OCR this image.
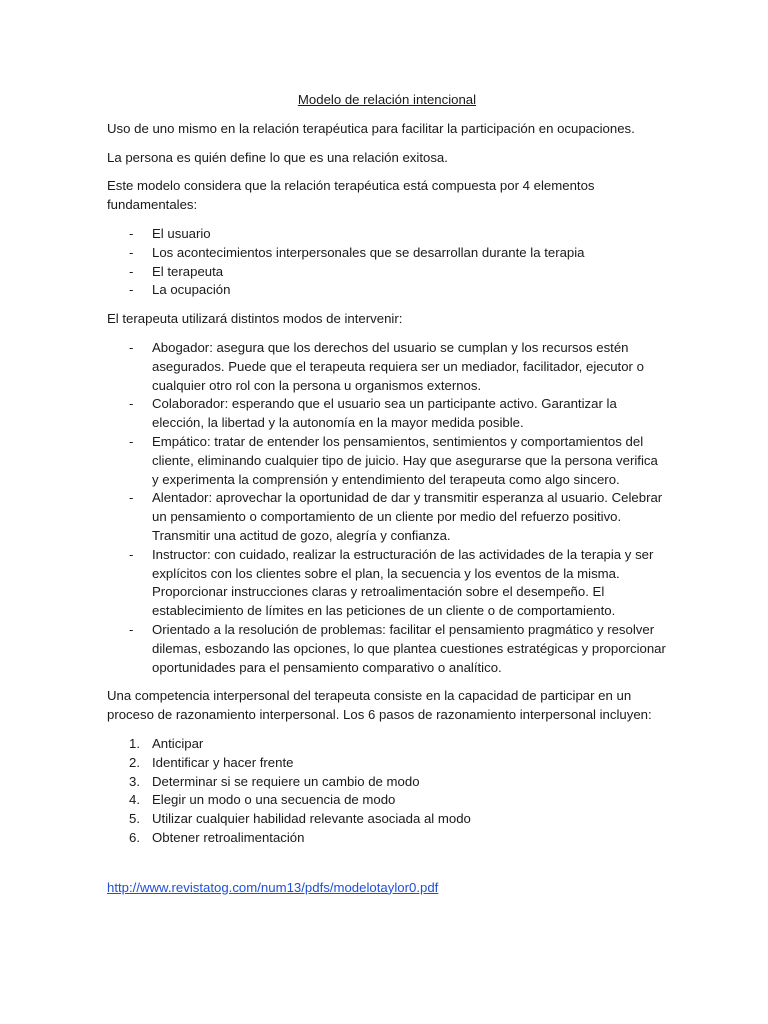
Modelo de relación intencional

Uso de uno mismo en la relación terapéutica para facilitar la participación en ocupaciones.

La persona es quién define lo que es una relación exitosa.

Este modelo considera que la relación terapéutica está compuesta por 4 elementos fundamentales:

- El usuario
- Los acontecimientos interpersonales que se desarrollan durante la terapia
- El terapeuta
- La ocupación

El terapeuta utilizará distintos modos de intervenir:

- Abogador: asegura que los derechos del usuario se cumplan y los recursos estén asegurados. Puede que el terapeuta requiera ser un mediador, facilitador, ejecutor o cualquier otro rol con la persona u organismos externos.
- Colaborador: esperando que el usuario sea un participante activo. Garantizar la elección, la libertad y la autonomía en la mayor medida posible.
- Empático: tratar de entender los pensamientos, sentimientos y comportamientos del cliente, eliminando cualquier tipo de juicio. Hay que asegurarse que la persona verifica y experimenta la comprensión y entendimiento del terapeuta como algo sincero.
- Alentador: aprovechar la oportunidad de dar y transmitir esperanza al usuario. Celebrar un pensamiento o comportamiento de un cliente por medio del refuerzo positivo. Transmitir una actitud de gozo, alegría y confianza.
- Instructor: con cuidado, realizar la estructuración de las actividades de la terapia y ser explícitos con los clientes sobre el plan, la secuencia y los eventos de la misma. Proporcionar instrucciones claras y retroalimentación sobre el desempeño. El establecimiento de límites en las peticiones de un cliente o de comportamiento.
- Orientado a la resolución de problemas: facilitar el pensamiento pragmático y resolver dilemas, esbozando las opciones, lo que plantea cuestiones estratégicas y proporcionar oportunidades para el pensamiento comparativo o analítico.

Una competencia interpersonal del terapeuta consiste en la capacidad de participar en un proceso de razonamiento interpersonal. Los 6 pasos de razonamiento interpersonal incluyen:

1. Anticipar
2. Identificar y hacer frente
3. Determinar si se requiere un cambio de modo
4. Elegir un modo o una secuencia de modo
5. Utilizar cualquier habilidad relevante asociada al modo
6. Obtener retroalimentación
http://www.revistatog.com/num13/pdfs/modelotaylor0.pdf
